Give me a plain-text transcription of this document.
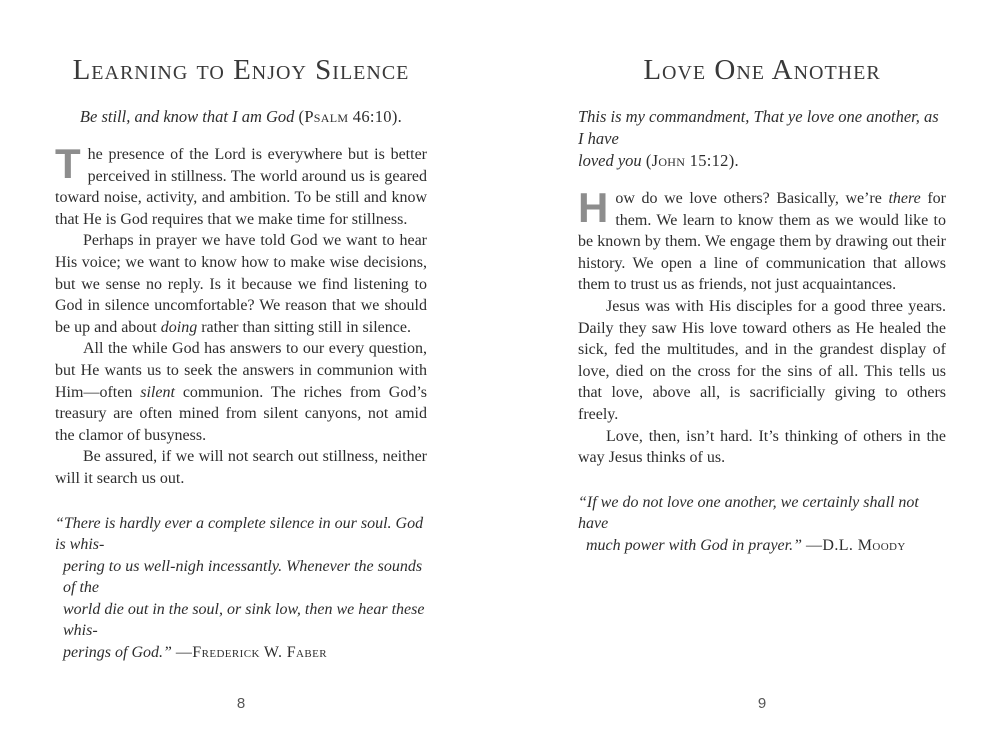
Learning to Enjoy Silence
Be still, and know that I am God (Psalm 46:10).

The presence of the Lord is everywhere but is better perceived in stillness. The world around us is geared toward noise, activity, and ambition. To be still and know that He is God requires that we make time for stillness.

Perhaps in prayer we have told God we want to hear His voice; we want to know how to make wise decisions, but we sense no reply. Is it because we find listening to God in silence uncomfortable? We reason that we should be up and about doing rather than sitting still in silence.

All the while God has answers to our every question, but He wants us to seek the answers in communion with Him—often silent communion. The riches from God’s treasury are often mined from silent canyons, not amid the clamor of busyness.

Be assured, if we will not search out stillness, neither will it search us out.

“There is hardly ever a complete silence in our soul. God is whis-
pering to us well-nigh incessantly. Whenever the sounds of the
world die out in the soul, or sink low, then we hear these whis-
perings of God.” —Frederick W. Faber
Love One Another
This is my commandment, That ye love one another, as I have
loved you (John 15:12).

How do we love others? Basically, we’re there for them. We learn to know them as we would like to be known by them. We engage them by drawing out their history. We open a line of communication that allows them to trust us as friends, not just acquaintances.

Jesus was with His disciples for a good three years. Daily they saw His love toward others as He healed the sick, fed the multitudes, and in the grandest display of love, died on the cross for the sins of all. This tells us that love, above all, is sacrificially giving to others freely.

Love, then, isn’t hard. It’s thinking of others in the way Jesus thinks of us.

“If we do not love one another, we certainly shall not have
much power with God in prayer.” —D.L. Moody
8	9
